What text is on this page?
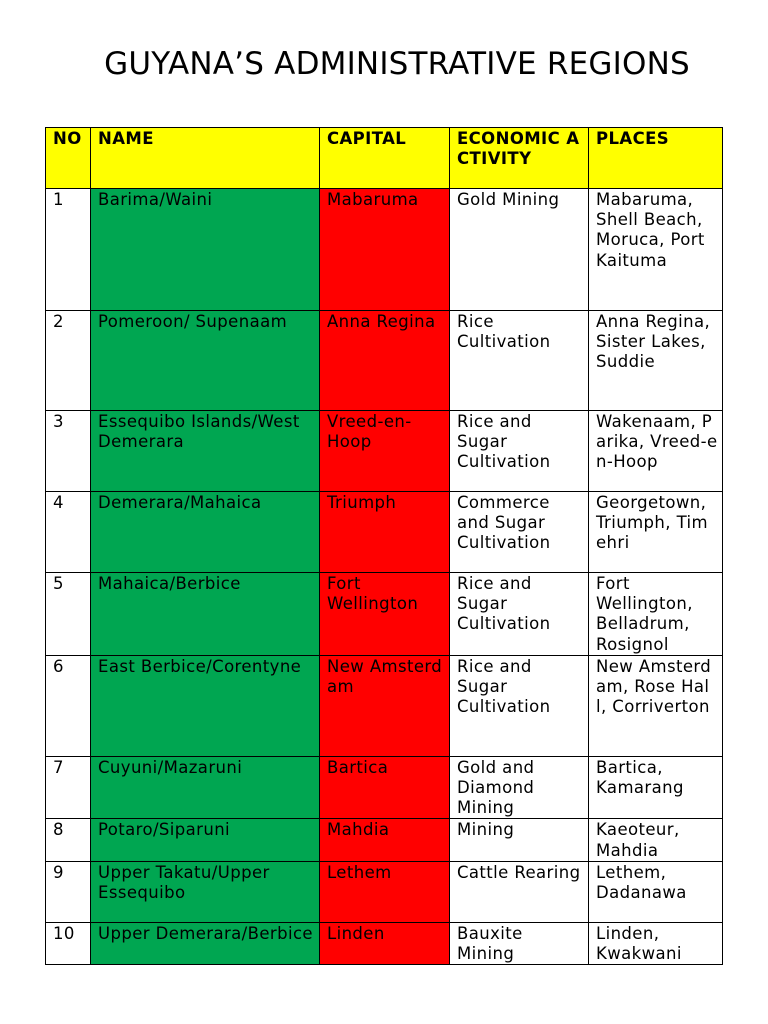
GUYANA’S ADMINISTRATIVE REGIONS
NO	NAME	CAPITAL	ECONOMIC ACTIVITY	PLACES
1	Barima/Waini	Mabaruma	Gold Mining	Mabaruma, Shell Beach, Moruca, Port Kaituma
2	Pomeroon/ Supenaam	Anna Regina	Rice Cultivation	Anna Regina, Sister Lakes, Suddie
3	Essequibo Islands/West Demerara	Vreed-en-Hoop	Rice and Sugar Cultivation	Wakenaam, Parika, Vreed-en-Hoop
4	Demerara/Mahaica	Triumph	Commerce and Sugar Cultivation	Georgetown, Triumph, Timehri
5	Mahaica/Berbice	Fort Wellington	Rice and Sugar Cultivation	Fort Wellington, Belladrum, Rosignol
6	East Berbice/Corentyne	New Amsterdam	Rice and Sugar Cultivation	New Amsterdam, Rose Hall, Corriverton
7	Cuyuni/Mazaruni	Bartica	Gold and Diamond Mining	Bartica, Kamarang
8	Potaro/Siparuni	Mahdia	Mining	Kaeoteur, Mahdia
9	Upper Takatu/Upper Essequibo	Lethem	Cattle Rearing	Lethem, Dadanawa
10	Upper Demerara/Berbice	Linden	Bauxite Mining	Linden, Kwakwani
